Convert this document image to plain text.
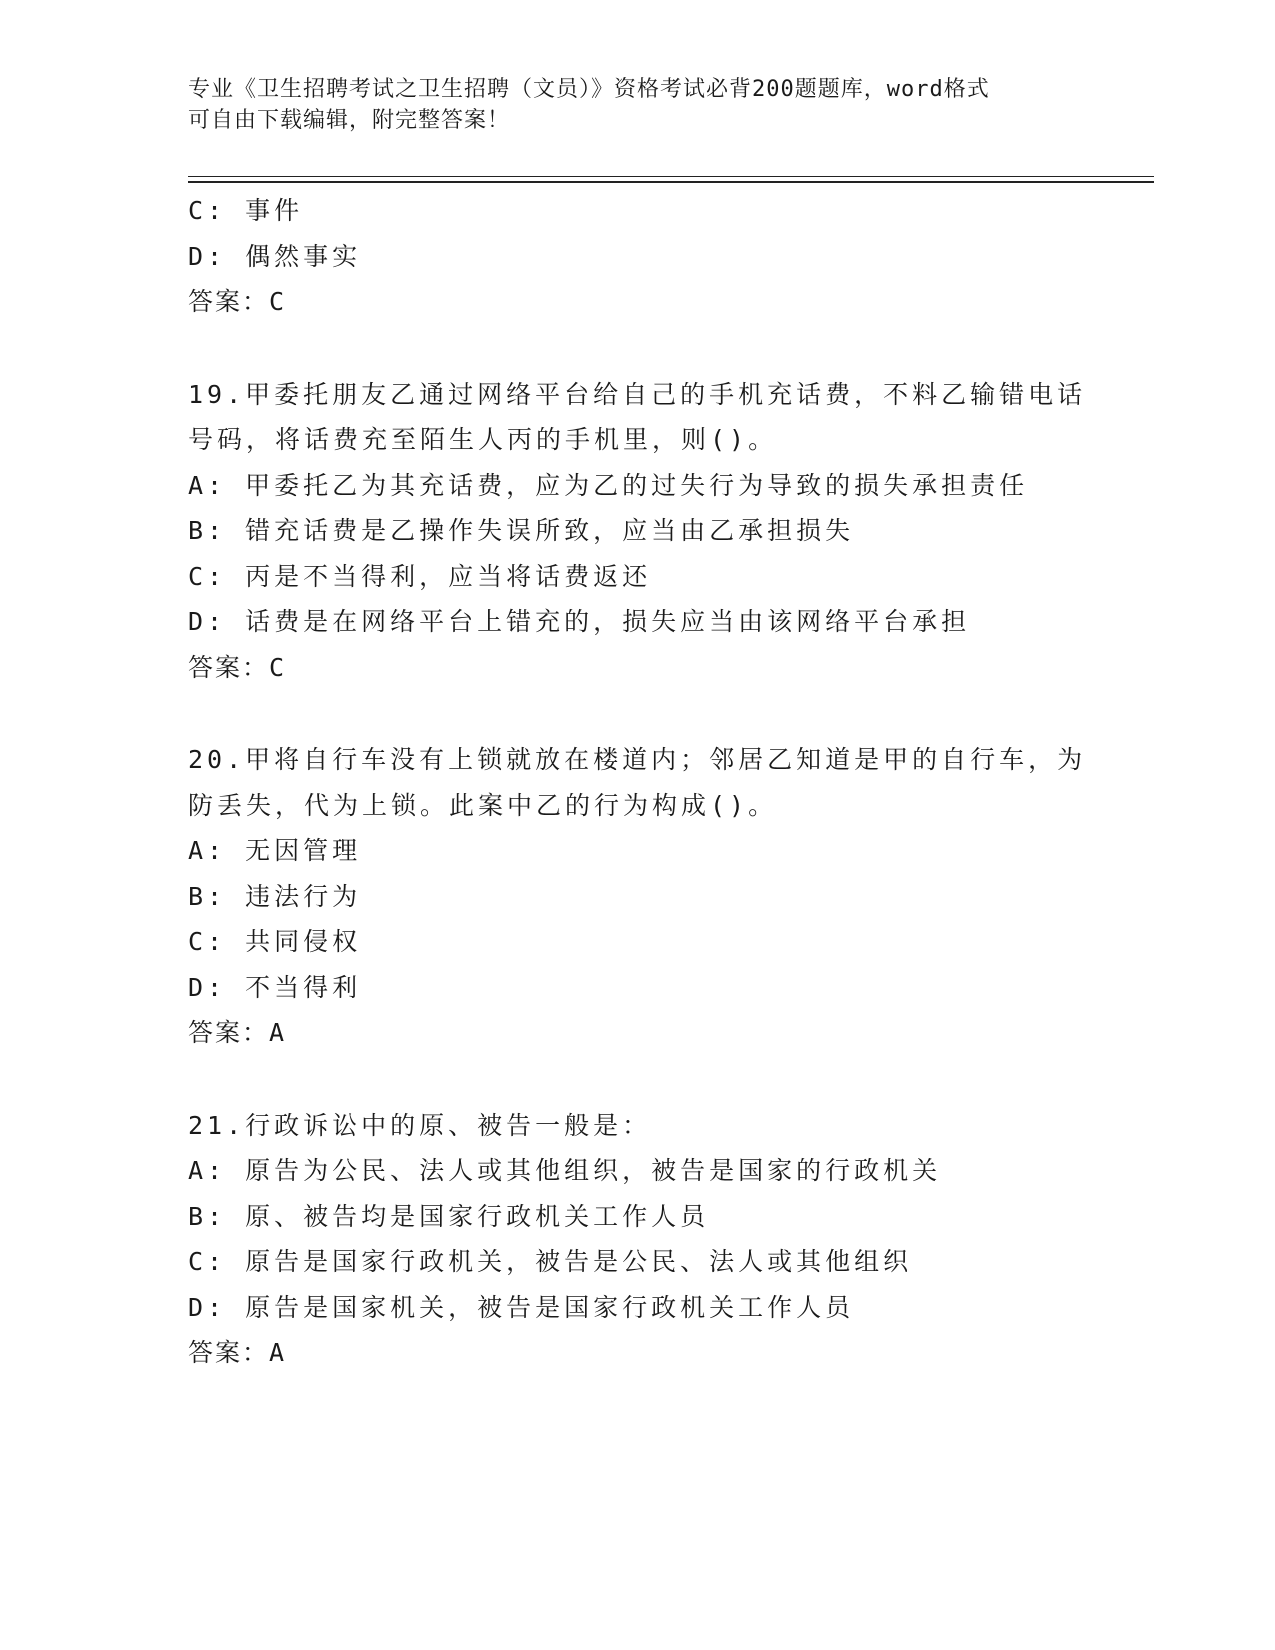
专业《卫生招聘考试之卫生招聘（文员）》资格考试必背200题题库，word格式
可自由下载编辑，附完整答案！
C: 事件
D: 偶然事实
答案：C
19.甲委托朋友乙通过网络平台给自己的手机充话费，不料乙输错电话
号码，将话费充至陌生人丙的手机里，则()。
A: 甲委托乙为其充话费，应为乙的过失行为导致的损失承担责任
B: 错充话费是乙操作失误所致，应当由乙承担损失
C: 丙是不当得利，应当将话费返还
D: 话费是在网络平台上错充的，损失应当由该网络平台承担
答案：C
20.甲将自行车没有上锁就放在楼道内；邻居乙知道是甲的自行车，为
防丢失，代为上锁。此案中乙的行为构成()。
A: 无因管理
B: 违法行为
C: 共同侵权
D: 不当得利
答案：A
21.行政诉讼中的原、被告一般是：
A: 原告为公民、法人或其他组织，被告是国家的行政机关
B: 原、被告均是国家行政机关工作人员
C: 原告是国家行政机关，被告是公民、法人或其他组织
D: 原告是国家机关，被告是国家行政机关工作人员
答案：A
